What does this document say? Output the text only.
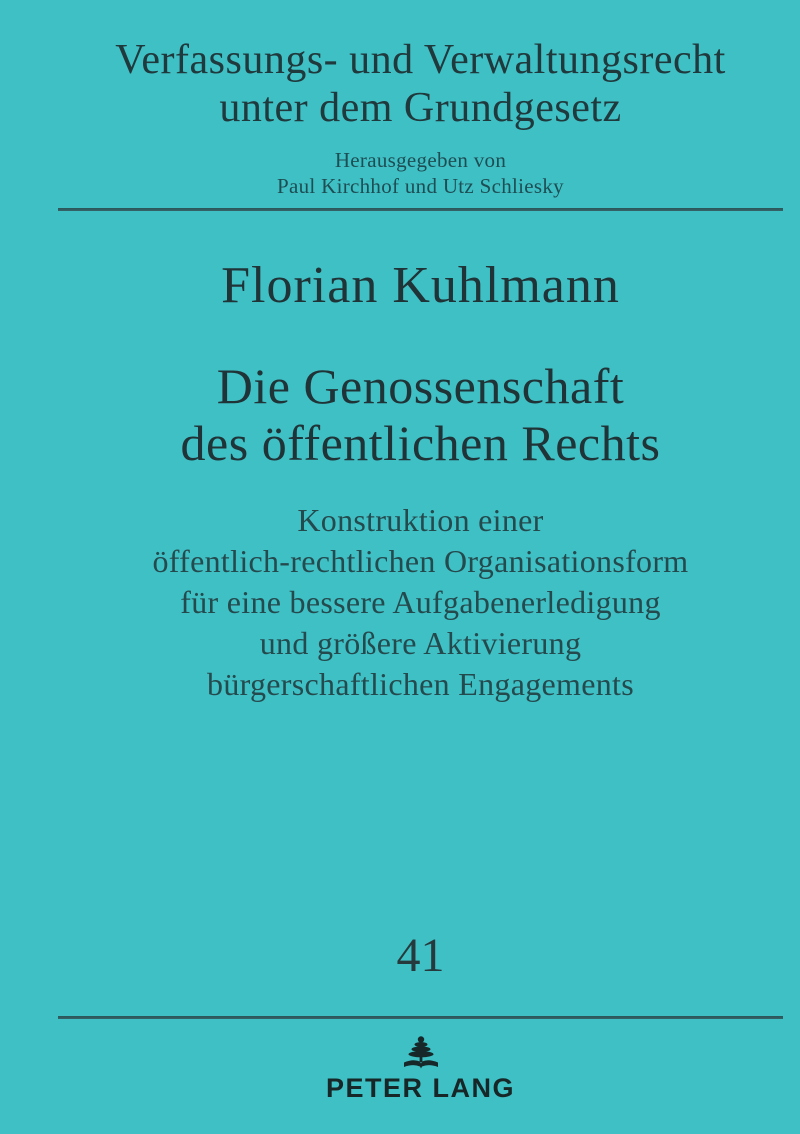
Verfassungs- und Verwaltungsrecht
unter dem Grundgesetz
Herausgegeben von
Paul Kirchhof und Utz Schliesky
Florian Kuhlmann
Die Genossenschaft
des öffentlichen Rechts
Konstruktion einer
öffentlich-rechtlichen Organisationsform
für eine bessere Aufgabenerledigung
und größere Aktivierung
bürgerschaftlichen Engagements
41
PETER LANG
